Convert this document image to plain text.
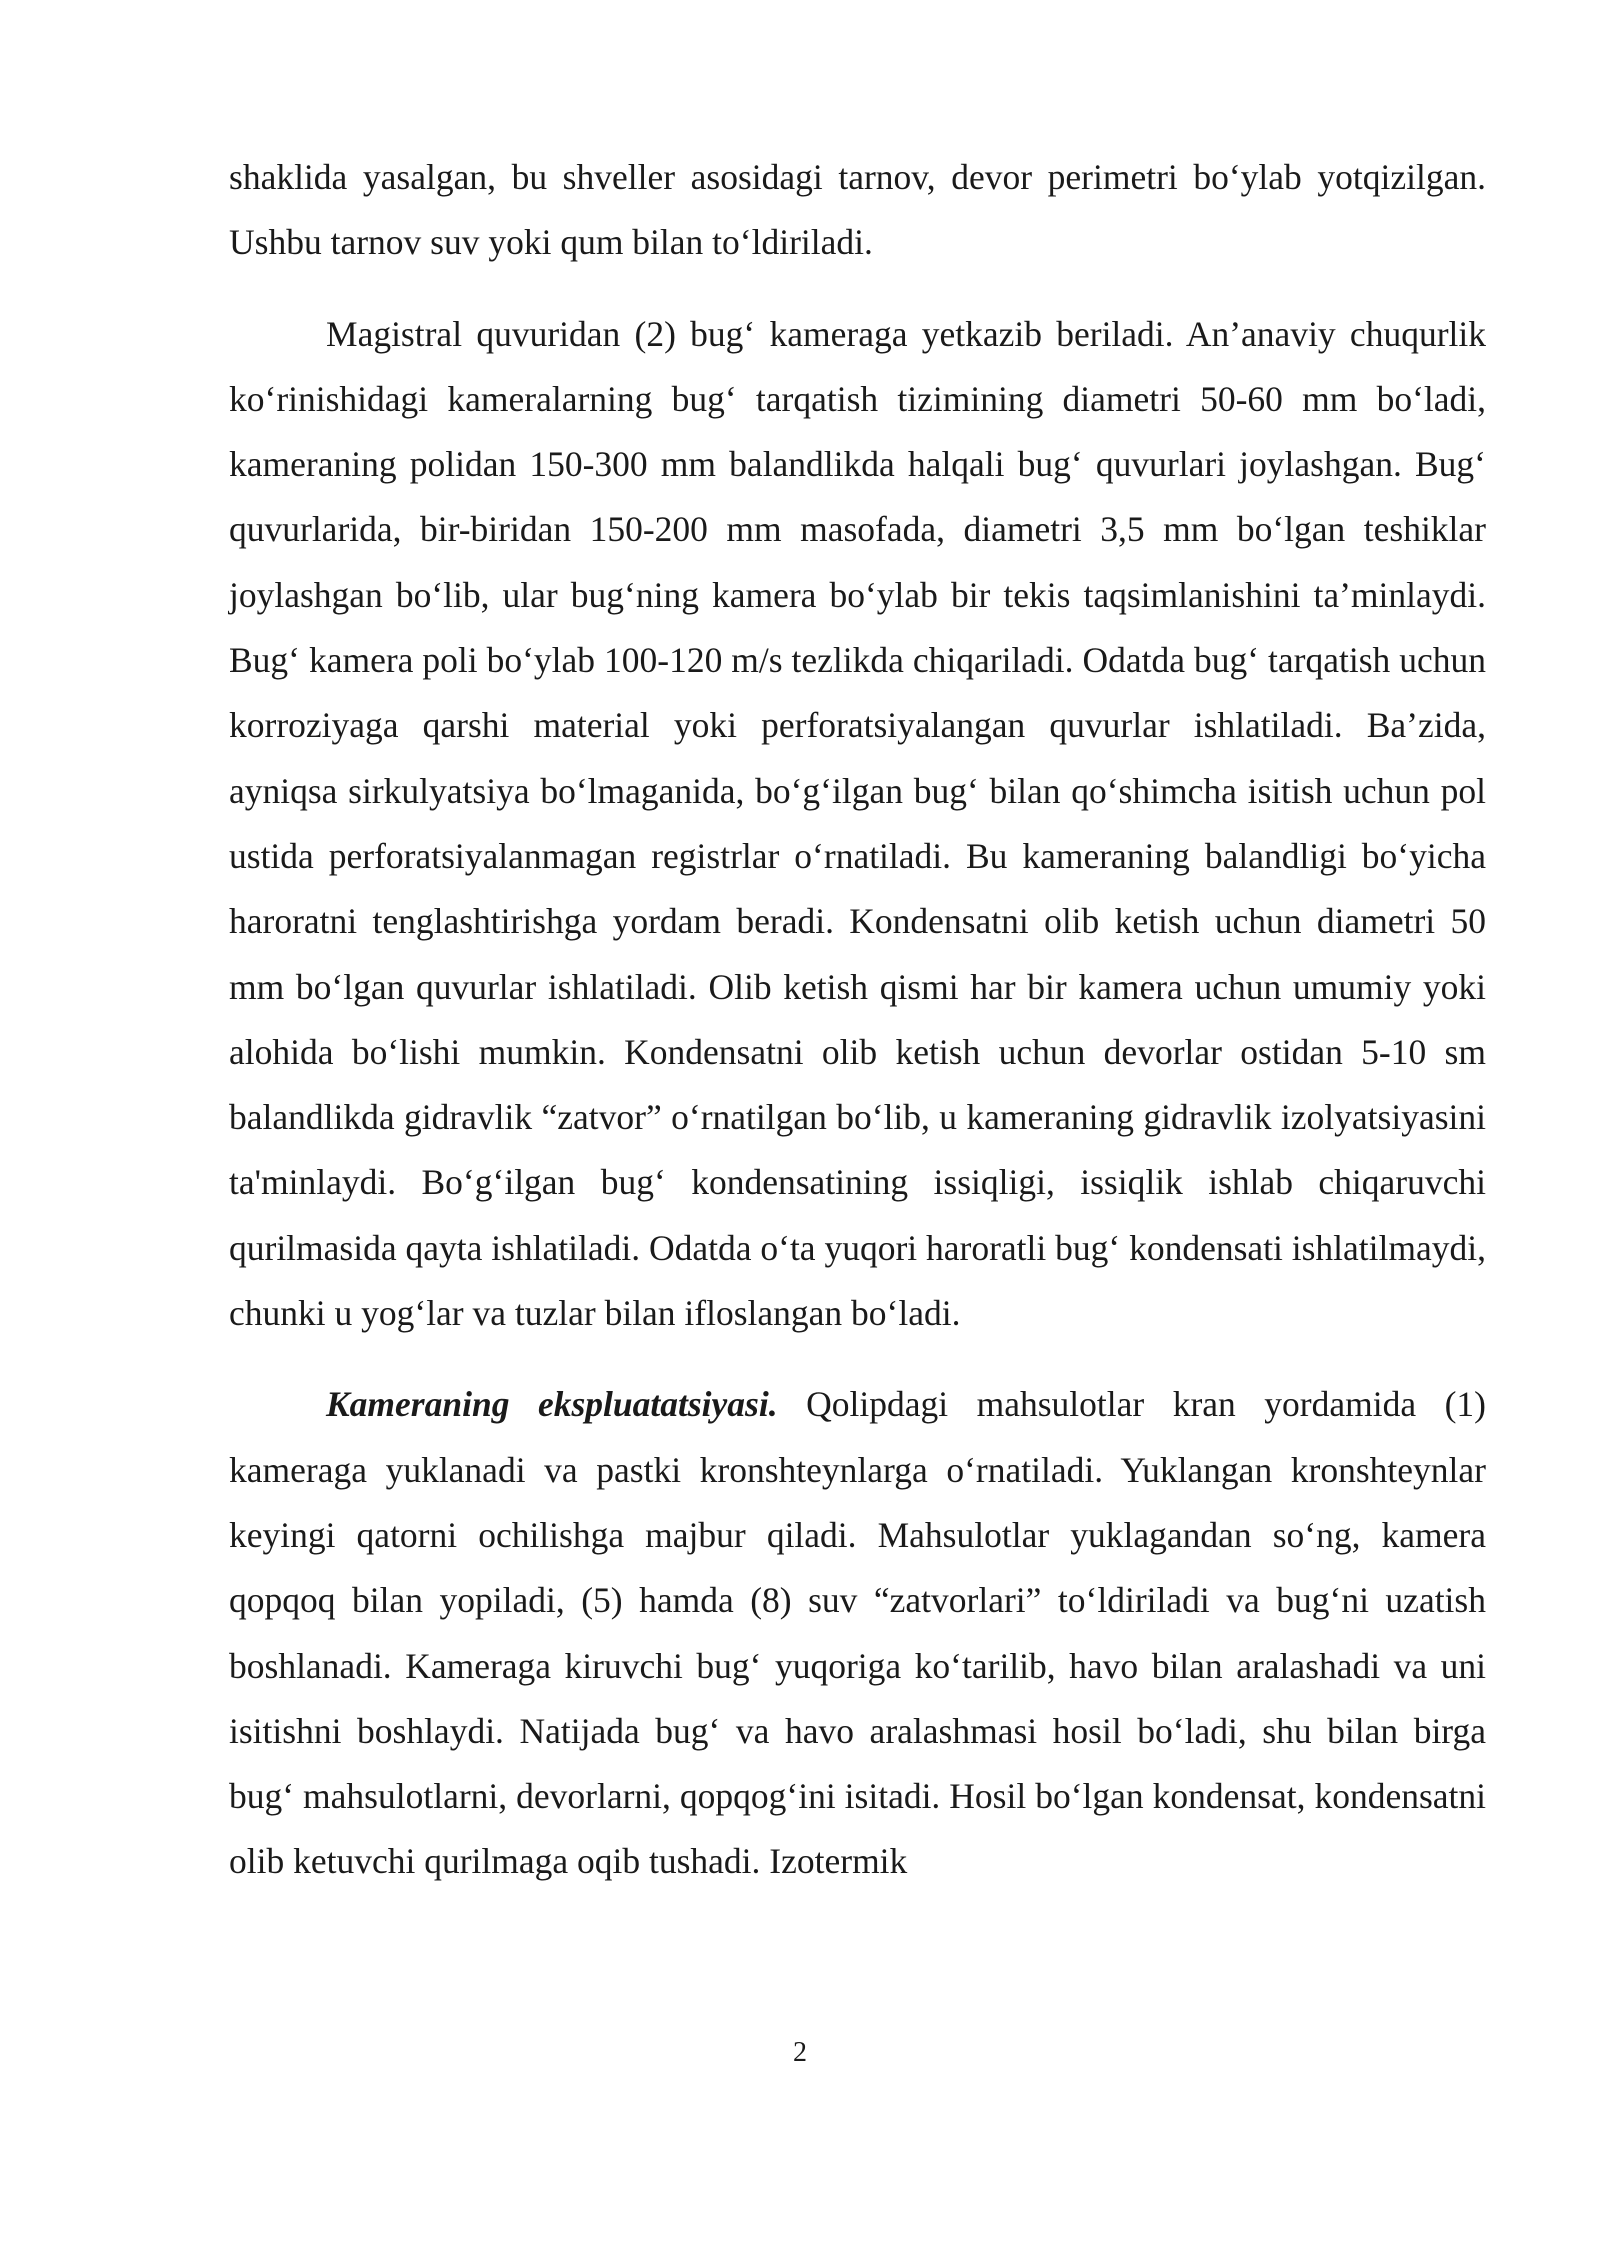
shaklida yasalgan, bu shveller asosidagi tarnov, devor perimetri bo‘ylab yotqizilgan. Ushbu tarnov suv yoki qum bilan to‘ldiriladi.

Magistral quvuridan (2) bug‘ kameraga yetkazib beriladi. An’anaviy chuqurlik ko‘rinishidagi kameralarning bug‘ tarqatish tizimining diametri 50-60 mm bo‘ladi, kameraning polidan 150-300 mm balandlikda halqali bug‘ quvurlari joylashgan. Bug‘ quvurlarida, bir-biridan 150-200 mm masofada, diametri 3,5 mm bo‘lgan teshiklar joylashgan bo‘lib, ular bug‘ning kamera bo‘ylab bir tekis taqsimlanishini ta’minlaydi. Bug‘ kamera poli bo‘ylab 100-120 m/s tezlikda chiqariladi. Odatda bug‘ tarqatish uchun korroziyaga qarshi material yoki perforatsiyalangan quvurlar ishlatiladi. Ba’zida, ayniqsa sirkulyatsiya bo‘lmaganida, bo‘g‘ilgan bug‘ bilan qo‘shimcha isitish uchun pol ustida perforatsiyalanmagan registrlar o‘rnatiladi. Bu kameraning balandligi bo‘yicha haroratni tenglashtirishga yordam beradi. Kondensatni olib ketish uchun diametri 50 mm bo‘lgan quvurlar ishlatiladi. Olib ketish qismi har bir kamera uchun umumiy yoki alohida bo‘lishi mumkin. Kondensatni olib ketish uchun devorlar ostidan 5-10 sm balandlikda gidravlik “zatvor” o‘rnatilgan bo‘lib, u kameraning gidravlik izolyatsiyasini ta'minlaydi. Bo‘g‘ilgan bug‘ kondensatining issiqligi, issiqlik ishlab chiqaruvchi qurilmasida qayta ishlatiladi. Odatda o‘ta yuqori haroratli bug‘ kondensati ishlatilmaydi, chunki u yog‘lar va tuzlar bilan ifloslangan bo‘ladi.

Kameraning ekspluatatsiyasi. Qolipdagi mahsulotlar kran yordamida (1) kameraga yuklanadi va pastki kronshteynlarga o‘rnatiladi. Yuklangan kronshteynlar keyingi qatorni ochilishga majbur qiladi. Mahsulotlar yuklagandan so‘ng, kamera qopqoq bilan yopiladi, (5) hamda (8) suv “zatvorlari” to‘ldiriladi va bug‘ni uzatish boshlanadi. Kameraga kiruvchi bug‘ yuqoriga ko‘tarilib, havo bilan aralashadi va uni isitishni boshlaydi. Natijada bug‘ va havo aralashmasi hosil bo‘ladi, shu bilan birga bug‘ mahsulotlarni, devorlarni, qopqog‘ini isitadi. Hosil bo‘lgan kondensat, kondensatni olib ketuvchi qurilmaga oqib tushadi. Izotermik

2
